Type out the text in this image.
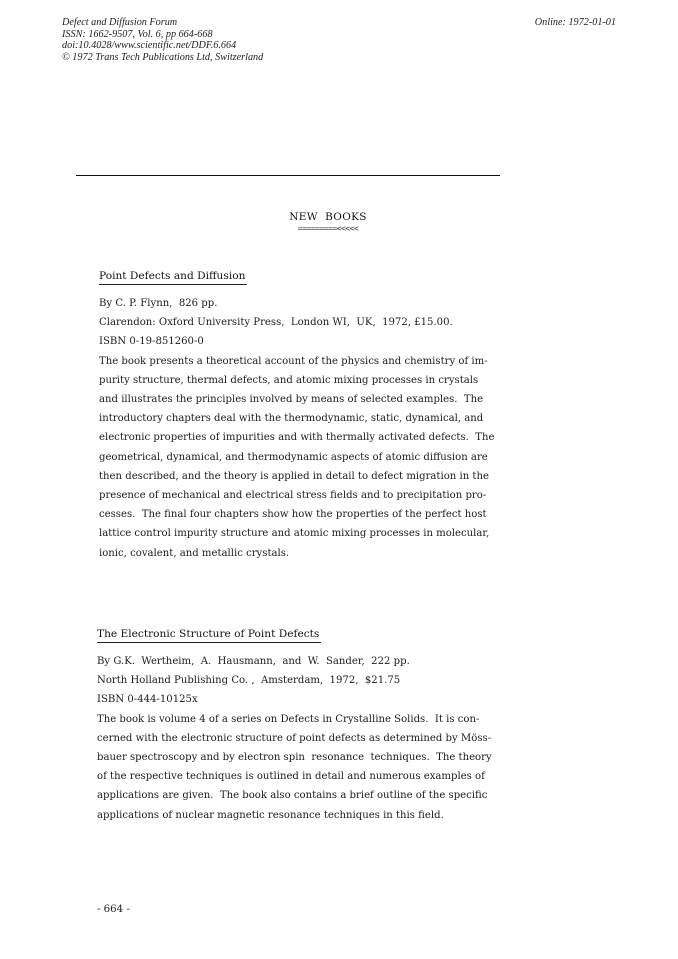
Defect and Diffusion Forum
ISSN: 1662-9507, Vol. 6, pp 664-668
doi:10.4028/www.scientific.net/DDF.6.664
© 1972 Trans Tech Publications Ltd, Switzerland
Online: 1972-01-01
NEW  BOOKS
=========<<<<<
Point Defects and Diffusion
By C. P. Flynn,  826 pp.
Clarendon: Oxford University Press,  London WI,  UK,  1972, £15.00.
ISBN 0-19-851260-0
The book presents a theoretical account of the physics and chemistry of im-
purity structure, thermal defects, and atomic mixing processes in crystals
and illustrates the principles involved by means of selected examples.  The
introductory chapters deal with the thermodynamic, static, dynamical, and
electronic properties of impurities and with thermally activated defects.  The
geometrical, dynamical, and thermodynamic aspects of atomic diffusion are
then described, and the theory is applied in detail to defect migration in the
presence of mechanical and electrical stress fields and to precipitation pro-
cesses.  The final four chapters show how the properties of the perfect host
lattice control impurity structure and atomic mixing processes in molecular,
ionic, covalent, and metallic crystals.
The Electronic Structure of Point Defects
By G.K.  Wertheim,  A.  Hausmann,  and  W.  Sander,  222 pp.
North Holland Publishing Co. ,  Amsterdam,  1972,  $21.75
ISBN 0-444-10125x
The book is volume 4 of a series on Defects in Crystalline Solids.  It is con-
cerned with the electronic structure of point defects as determined by Möss-
bauer spectroscopy and by electron spin  resonance  techniques.  The theory
of the respective techniques is outlined in detail and numerous examples of
applications are given.  The book also contains a brief outline of the specific
applications of nuclear magnetic resonance techniques in this field.
- 664 -
